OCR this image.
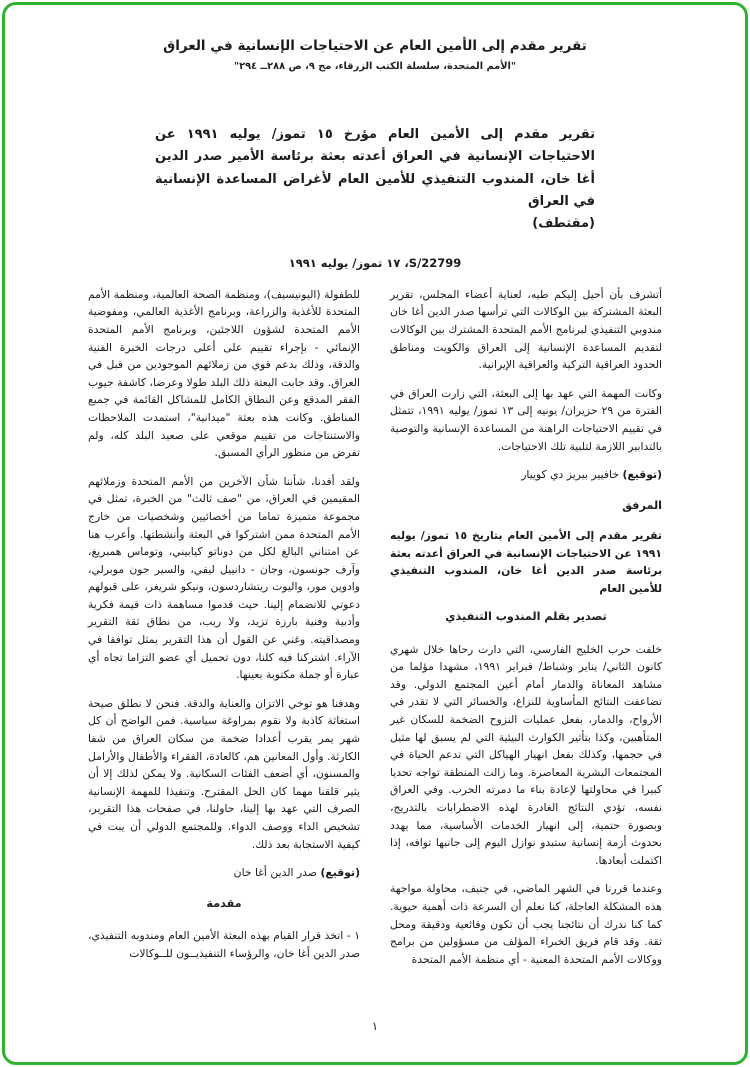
تقرير مقدم إلى الأمين العام عن الاحتياجات الإنسانية في العراق
"الأمم المتحدة، سلسلة الكتب الزرقاء، مج ٩، ص ٢٨٨ــ ٢٩٤"
تقرير مقدم إلى الأمين العام مؤرخ ١٥ تموز/ يوليه ١٩٩١ عن الاحتياجات الإنسانية في العراق أعدته بعثة برئاسة الأمير صدر الدين أغا خان، المندوب التنفيذي للأمين العام لأغراض المساعدة الإنسانية في العراق
(مقتطف)
S/22799، ١٧ تموز/ يوليه ١٩٩١

أتشرف بأن أحيل إليكم طيه، لعناية أعضاء المجلس، تقرير البعثة المشتركة بين الوكالات التي ترأسها صدر الدين أغا خان مندوبي التنفيذي لبرنامج الأمم المتحدة المشترك بين الوكالات لتقديم المساعدة الإنسانية إلى العراق والكويت ومناطق الحدود العراقية التركية والعراقية الإيرانية.

وكانت المهمة التي عهد بها إلى البعثة، التي زارت العراق في الفترة من ٢٩ حزيران/ يونيه إلى ١٣ تموز/ يوليه ١٩٩١، تتمثل في تقييم الاحتياجات الراهنة من المساعدة الإنسانية والتوصية بالتدابير اللازمة لتلبية تلك الاحتياجات.

(توقيع) خافيير بيريز دي كوييار
المرفق

تقرير مقدم إلى الأمين العام بتاريخ ١٥ تموز/ يوليه ١٩٩١ عن الاحتياجات الإنسانية في العراق أعدته بعثة برئاسة صدر الدين أغا خان، المندوب التنفيذي للأمين العام

تصدير بقلم المندوب التنفيذي

خلفت حرب الخليج الفارسي، التي دارت رحاها خلال شهري كانون الثاني/ يناير وشباط/ فبراير ١٩٩١، مشهدا مؤلما من مشاهد المعاناة والدمار أمام أعين المجتمع الدولي. وقد تضاعفت النتائج المأساوية للنزاع، والخسائر التي لا تقدر في الأرواح، والدمار، بفعل عمليات النزوح الضخمة للسكان غير المتأهبين، وكذا بتأثير الكوارث البيئية التي لم يسبق لها مثيل في حجمها، وكذلك بفعل انهيار الهياكل التي تدعم الحياة في المجتمعات البشرية المعاصرة. وما زالت المنطقة تواجه تحديا كبيرا في محاولتها لإعادة بناء ما دمرته الحرب. وفي العراق نفسه، تؤدي النتائج الغادرة لهذه الاضطرابات بالتدريج، وبصورة حتمية، إلى انهيار الخدمات الأساسية، مما يهدد بحدوث أزمة إنسانية ستبدو نوازل اليوم إلى جانبها توافه، إذا اكتملت أبعادها.

وعندما قررنا في الشهر الماضي، في جنيف، محاولة مواجهة هذه المشكلة العاجلة، كنا نعلم أن السرعة ذات أهمية حيوية. كما كنا ندرك أن نتائجنا يجب أن تكون وقائعية ودقيقة ومحل ثقة. وقد قام فريق الخبراء المؤلف من مسؤولين من برامج ووكالات الأمم المتحدة المعنية - أي منظمة الأمم المتحدة

للطفولة (اليونيسيف)، ومنظمة الصحة العالمية، ومنظمة الأمم المتحدة للأغذية والزراعة، وبرنامج الأغذية العالمي، ومفوضية الأمم المتحدة لشؤون اللاجئين، وبرنامج الأمم المتحدة الإنمائي - بإجراء تقييم على أعلى درجات الخبرة الفنية والدقة، وذلك بدعم قوي من زملائهم الموجودين من قبل في العراق. وقد جابت البعثة ذلك البلد طولا وعرضا، كاشفة جيوب الفقر المدقع وعن النطاق الكامل للمشاكل القائمة في جميع المناطق. وكانت هذه بعثة "ميدانية"، استمدت الملاحظات والاستنتاجات من تقييم موقعي على صعيد البلد كله، ولم تفرض من منظور الرأي المسبق.

ولقد أفدنا، شأننا شأن الآخرين من الأمم المتحدة وزملائهم المقيمين في العراق، من "صف ثالث" من الخبرة، تمثل في مجموعة متميزة تماما من أخصائيين وشخصيات من خارج الأمم المتحدة ممن اشتركوا في البعثة وأنشطتها. وأعرب هنا عن امتناني البالغ لكل من دوناتو كيابيني، وتوماس همبريغ، وآرف جونسون، وجان - دانييل ليفي، والسير جون موبرلي، وادوين مور، واليوت ريتشاردسون، ونيكو شريغر، على قبولهم دعوتي للانضمام إلينا. حيث قدموا مساهمة ذات قيمة فكرية وأدبية وفنية بارزة تزيد، ولا ريب، من نطاق ثقة التقرير ومصداقيته. وغني عن القول أن هذا التقرير يمثل توافقا في الآراء. اشتركنا فيه كلنا، دون تحميل أي عضو التزاما تجاه أي عبارة أو جملة مكتوبة بعينها.

وهدفنا هو توخي الاتزان والعناية والدقة. فنحن لا نطلق صيحة استغاثة كاذبة ولا نقوم بمراوغة سياسية. فمن الواضح أن كل شهر يمر يقرب أعدادا ضخمة من سكان العراق من شفا الكارثة. وأول المعانين هم، كالعادة، الفقراء والأطفال والأرامل والمسنون، أي أضعف الفئات السكانية. ولا يمكن لذلك إلا أن يثير قلقنا مهما كان الحل المقترح. وتنفيذا للمهمة الإنسانية الصرف التي عهد بها إلينا، حاولنا، في صفحات هذا التقرير، تشخيص الداء ووصف الدواء. وللمجتمع الدولي أن يبت في كيفية الاستجابة بعد ذلك.

(توقيع) صدر الدين أغا خان
مقدمة

١ - اتخذ قرار القيام بهذه البعثة الأمين العام ومندوبه التنفيذي، صدر الدين أغا خان، والرؤساء التنفيذيــون للــوكالات

١
